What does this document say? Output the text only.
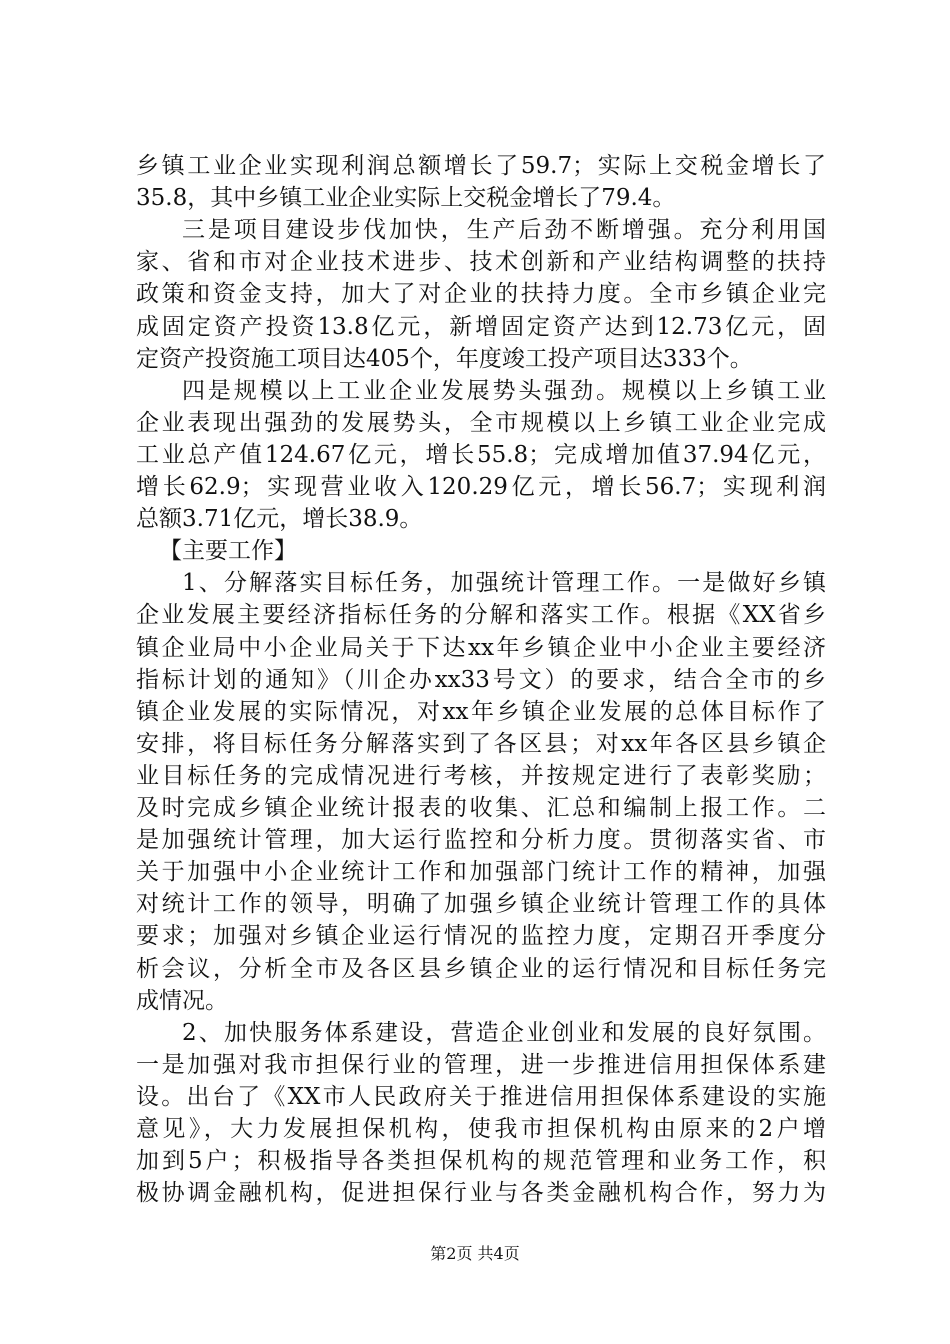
乡镇工业企业实现利润总额增长了59.7；实际上交税金增长了
35.8，其中乡镇工业企业实际上交税金增长了79.4。
三是项目建设步伐加快，生产后劲不断增强。充分利用国
家、省和市对企业技术进步、技术创新和产业结构调整的扶持
政策和资金支持，加大了对企业的扶持力度。全市乡镇企业完
成固定资产投资13.8亿元，新增固定资产达到12.73亿元，固
定资产投资施工项目达405个，年度竣工投产项目达333个。
四是规模以上工业企业发展势头强劲。规模以上乡镇工业
企业表现出强劲的发展势头，全市规模以上乡镇工业企业完成
工业总产值124.67亿元，增长55.8；完成增加值37.94亿元，
增长62.9；实现营业收入120.29亿元，增长56.7；实现利润
总额3.71亿元，增长38.9。
【主要工作】
1、分解落实目标任务，加强统计管理工作。一是做好乡镇
企业发展主要经济指标任务的分解和落实工作。根据《XX省乡
镇企业局中小企业局关于下达xx年乡镇企业中小企业主要经济
指标计划的通知》（川企办xx33号文）的要求，结合全市的乡
镇企业发展的实际情况，对xx年乡镇企业发展的总体目标作了
安排，将目标任务分解落实到了各区县；对xx年各区县乡镇企
业目标任务的完成情况进行考核，并按规定进行了表彰奖励；
及时完成乡镇企业统计报表的收集、汇总和编制上报工作。二
是加强统计管理，加大运行监控和分析力度。贯彻落实省、市
关于加强中小企业统计工作和加强部门统计工作的精神，加强
对统计工作的领导，明确了加强乡镇企业统计管理工作的具体
要求；加强对乡镇企业运行情况的监控力度，定期召开季度分
析会议，分析全市及各区县乡镇企业的运行情况和目标任务完
成情况。
2、加快服务体系建设，营造企业创业和发展的良好氛围。
一是加强对我市担保行业的管理，进一步推进信用担保体系建
设。出台了《XX市人民政府关于推进信用担保体系建设的实施
意见》，大力发展担保机构，使我市担保机构由原来的2户增
加到5户；积极指导各类担保机构的规范管理和业务工作，积
极协调金融机构，促进担保行业与各类金融机构合作，努力为
第2页 共4页
